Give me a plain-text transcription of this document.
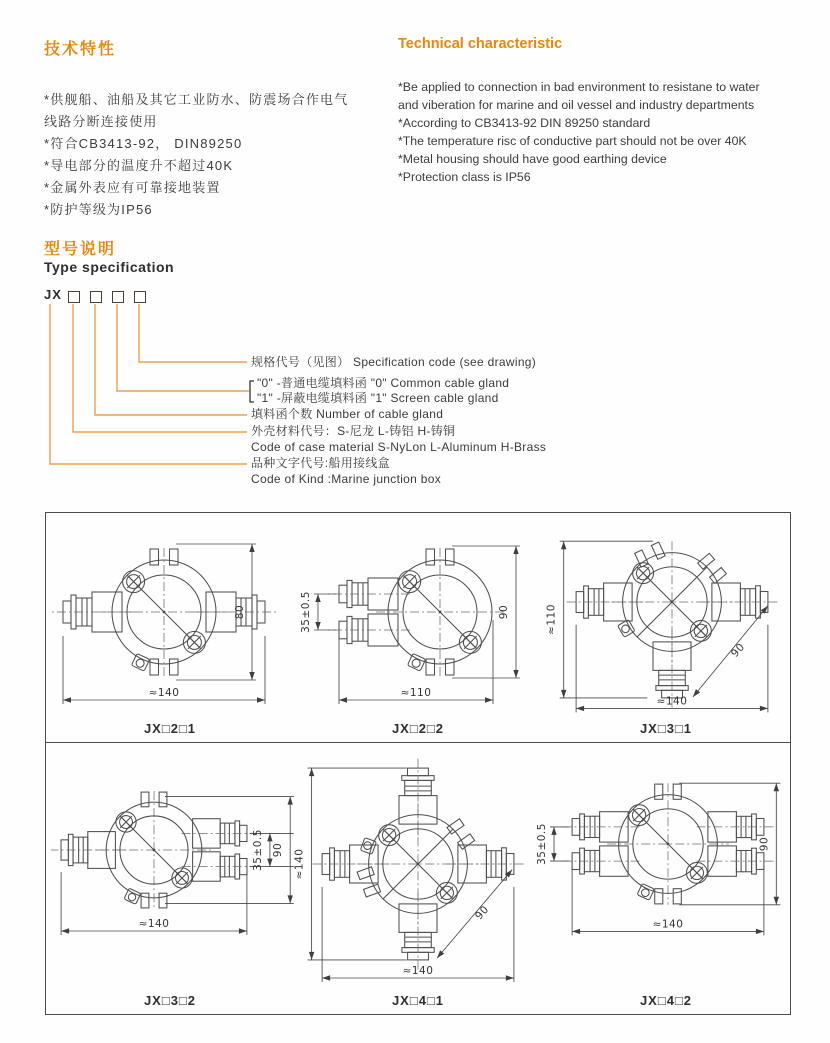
技术特性
*供舰船、油船及其它工业防水、防震场合作电气
线路分断连接使用
*符合CB3413-92， DIN89250
*导电部分的温度升不超过40K
*金属外表应有可靠接地装置
*防护等级为IP56
Technical characteristic
*Be applied to connection in bad environment to resistane to water
and viberation for marine and oil vessel and industry departments
*According to CB3413-92 DIN 89250 standard
*The temperature risc of conductive part should not be over 40K
*Metal housing should have good earthing device
*Protection class is IP56
型号说明
Type specification
JX
规格代号（见图） Specification code (see drawing)
"0" -普通电缆填料函 "0" Common cable gland
"1" -屏蔽电缆填料函 "1" Screen cable gland
填料函个数 Number of cable gland
外壳材料代号：S-尼龙 L-铸铝 H-铸铜
Code of case material S-NyLon L-Aluminum H-Brass
品种文字代号:船用接线盒
Code of Kind :Marine junction box
≈140
80
JX□2□1
35±0.5	90
≈110
JX□2□2
≈110
≈140
90
JX□3□1
35±0.5 90
≈140
JX□3□2
≈140
≈140
90
JX□4□1
35±0.5	90
≈140
JX□4□2
